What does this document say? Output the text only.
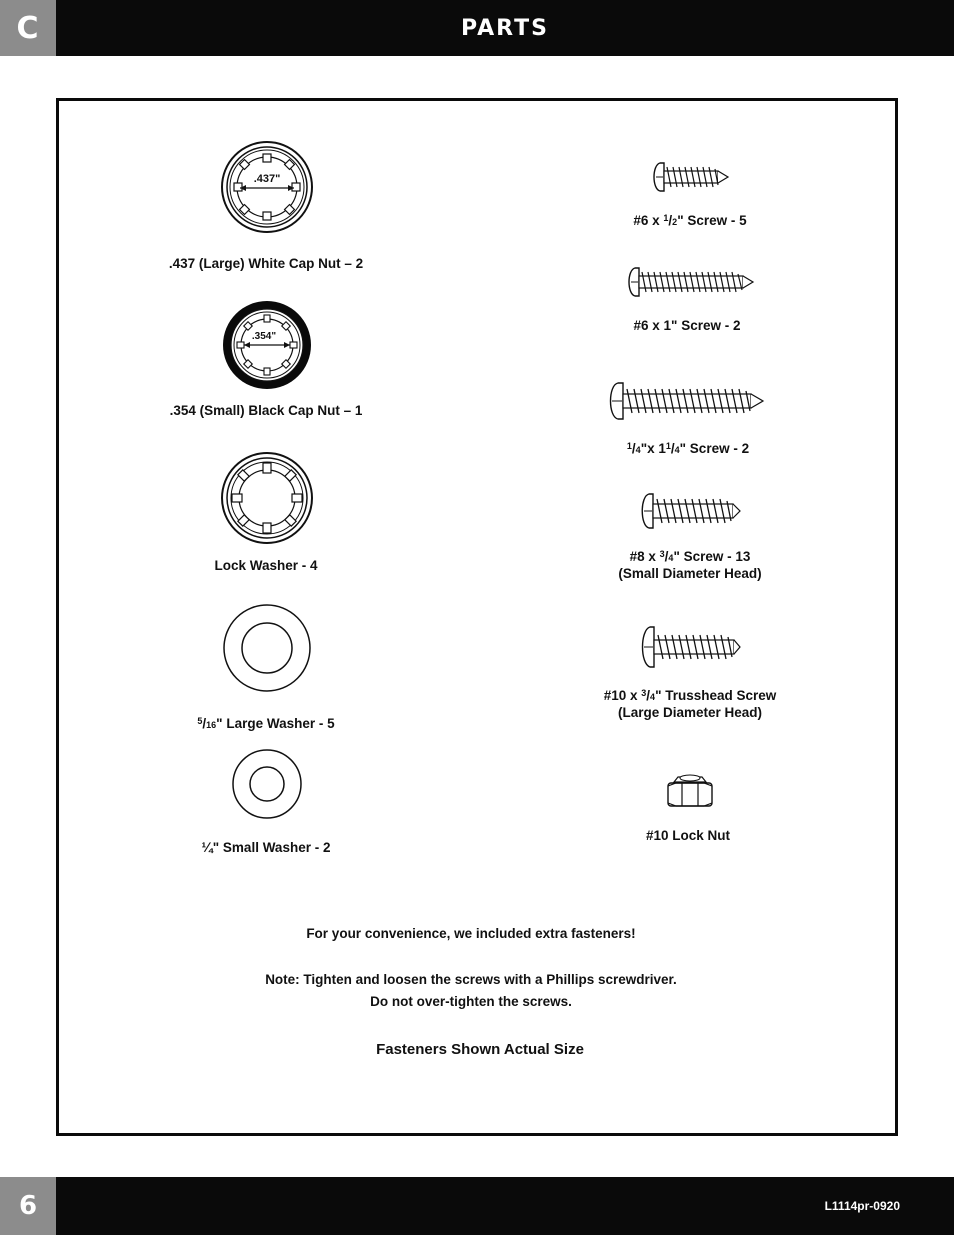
C	PARTS
.437"
.437 (Large) White Cap Nut – 2
.354"
.354 (Small) Black Cap Nut – 1
Lock Washer - 4
$^5$/16" Large Washer - 5
¼" Small Washer - 2
#6 x $^1$/2" Screw - 5
#6 x 1" Screw - 2
$^1$/4"x $1^1/4$" Screw - 2
#8 x $^3$/4" Screw - 13
(Small Diameter Head)
#10 x $^3$/4" Trusshead Screw
(Large Diameter Head)
#10 Lock Nut
For your convenience, we included extra fasteners!
Note: Tighten and loosen the screws with a Phillips screwdriver.
Do not over-tighten the screws.
Fasteners Shown Actual Size
6	L1114pr-0920
